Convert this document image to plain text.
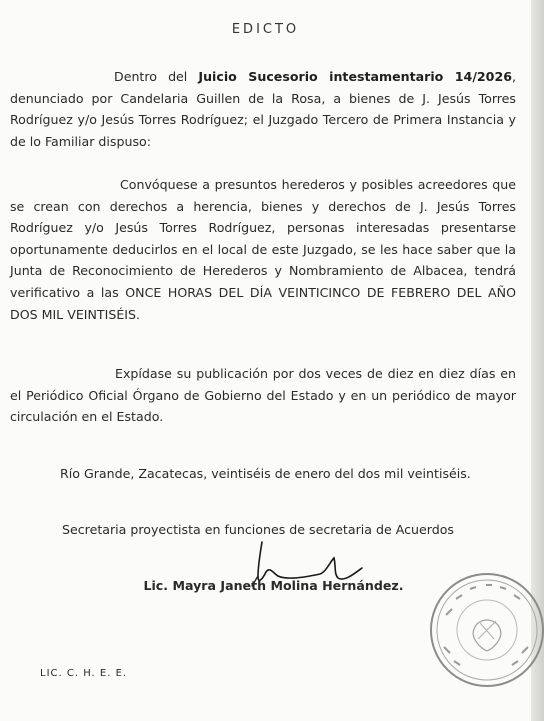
EDICTO
Dentro del Juicio Sucesorio intestamentario 14/2026, denunciado por Candelaria Guillen de la Rosa, a bienes de J. Jesús Torres Rodríguez y/o Jesús Torres Rodríguez; el Juzgado Tercero de Primera Instancia y de lo Familiar dispuso:
Convóquese a presuntos herederos y posibles acreedores que se crean con derechos a herencia, bienes y derechos de J. Jesús Torres Rodríguez y/o Jesús Torres Rodríguez, personas interesadas presentarse oportunamente deducirlos en el local de este Juzgado, se les hace saber que la Junta de Reconocimiento de Herederos y Nombramiento de Albacea, tendrá verificativo a las ONCE HORAS DEL DÍA VEINTICINCO DE FEBRERO DEL AÑO DOS MIL VEINTISÉIS.
Expídase su publicación por dos veces de diez en diez días en el Periódico Oficial Órgano de Gobierno del Estado y en un periódico de mayor circulación en el Estado.
Río Grande, Zacatecas, veintiséis de enero del dos mil veintiséis.
Secretaria proyectista en funciones de secretaria de Acuerdos
Lic. Mayra Janeth Molina Hernández.
LIC. C. H. E. E.
